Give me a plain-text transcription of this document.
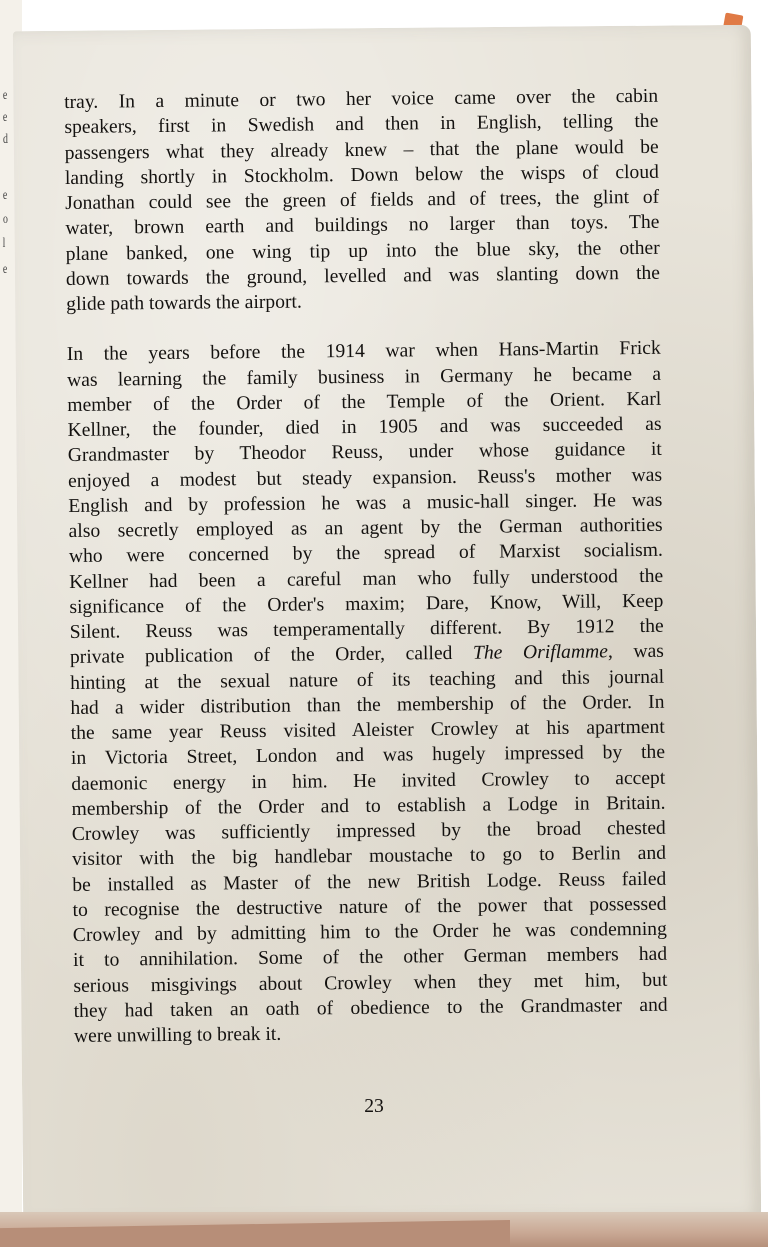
e
e
d
e
o
l
e
tray. In a minute or two her voice came over the cabin
speakers, first in Swedish and then in English, telling the
passengers what they already knew – that the plane would be
landing shortly in Stockholm. Down below the wisps of cloud
Jonathan could see the green of fields and of trees, the glint of
water, brown earth and buildings no larger than toys. The
plane banked, one wing tip up into the blue sky, the other
down towards the ground, levelled and was slanting down the
glide path towards the airport.
In the years before the 1914 war when Hans-Martin Frick
was learning the family business in Germany he became a
member of the Order of the Temple of the Orient. Karl
Kellner, the founder, died in 1905 and was succeeded as
Grandmaster by Theodor Reuss, under whose guidance it
enjoyed a modest but steady expansion. Reuss's mother was
English and by profession he was a music-hall singer. He was
also secretly employed as an agent by the German authorities
who were concerned by the spread of Marxist socialism.
Kellner had been a careful man who fully understood the
significance of the Order's maxim; Dare, Know, Will, Keep
Silent. Reuss was temperamentally different. By 1912 the
private publication of the Order, called The Oriflamme, was
hinting at the sexual nature of its teaching and this journal
had a wider distribution than the membership of the Order. In
the same year Reuss visited Aleister Crowley at his apartment
in Victoria Street, London and was hugely impressed by the
daemonic energy in him. He invited Crowley to accept
membership of the Order and to establish a Lodge in Britain.
Crowley was sufficiently impressed by the broad chested
visitor with the big handlebar moustache to go to Berlin and
be installed as Master of the new British Lodge. Reuss failed
to recognise the destructive nature of the power that possessed
Crowley and by admitting him to the Order he was condemning
it to annihilation. Some of the other German members had
serious misgivings about Crowley when they met him, but
they had taken an oath of obedience to the Grandmaster and
were unwilling to break it.
23
